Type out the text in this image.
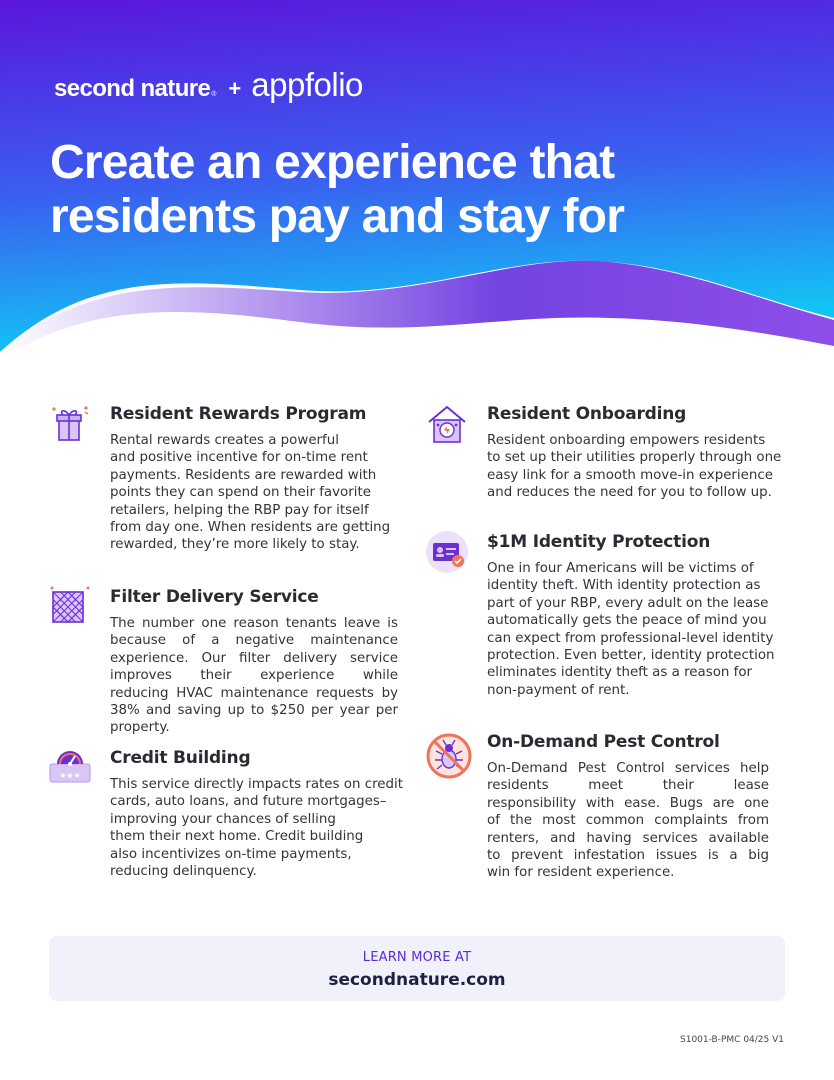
second nature ® + appfolio
Create an experience that
residents pay and stay for
Resident Rewards Program

Rental rewards creates a powerful
and positive incentive for on-time rent
payments. Residents are rewarded with
points they can spend on their favorite
retailers, helping the RBP pay for itself
from day one. When residents are getting
rewarded, they’re more likely to stay.

Filter Delivery Service

The number one reason tenants leave is
because of a negative maintenance
experience. Our filter delivery service
improves their experience while
reducing HVAC maintenance requests by
38% and saving up to $250 per year per
property.

★★★
Credit Building

This service directly impacts rates on credit
cards, auto loans, and future mortgages–
improving your chances of selling
them their next home. Credit building
also incentivizes on-time payments,
reducing delinquency.

Resident Onboarding

Resident onboarding empowers residents
to set up their utilities properly through one
easy link for a smooth move-in experience
and reduces the need for you to follow up.

$1M Identity Protection

One in four Americans will be victims of
identity theft. With identity protection as
part of your RBP, every adult on the lease
automatically gets the peace of mind you
can expect from professional-level identity
protection. Even better, identity protection
eliminates identity theft as a reason for
non-payment of rent.

On-Demand Pest Control

On-Demand Pest Control services help
residents meet their lease
responsibility with ease. Bugs are one
of the most common complaints from
renters, and having services available
to prevent infestation issues is a big
win for resident experience.

LEARN MORE AT
secondnature.com
S1001-B-PMC 04/25 V1
